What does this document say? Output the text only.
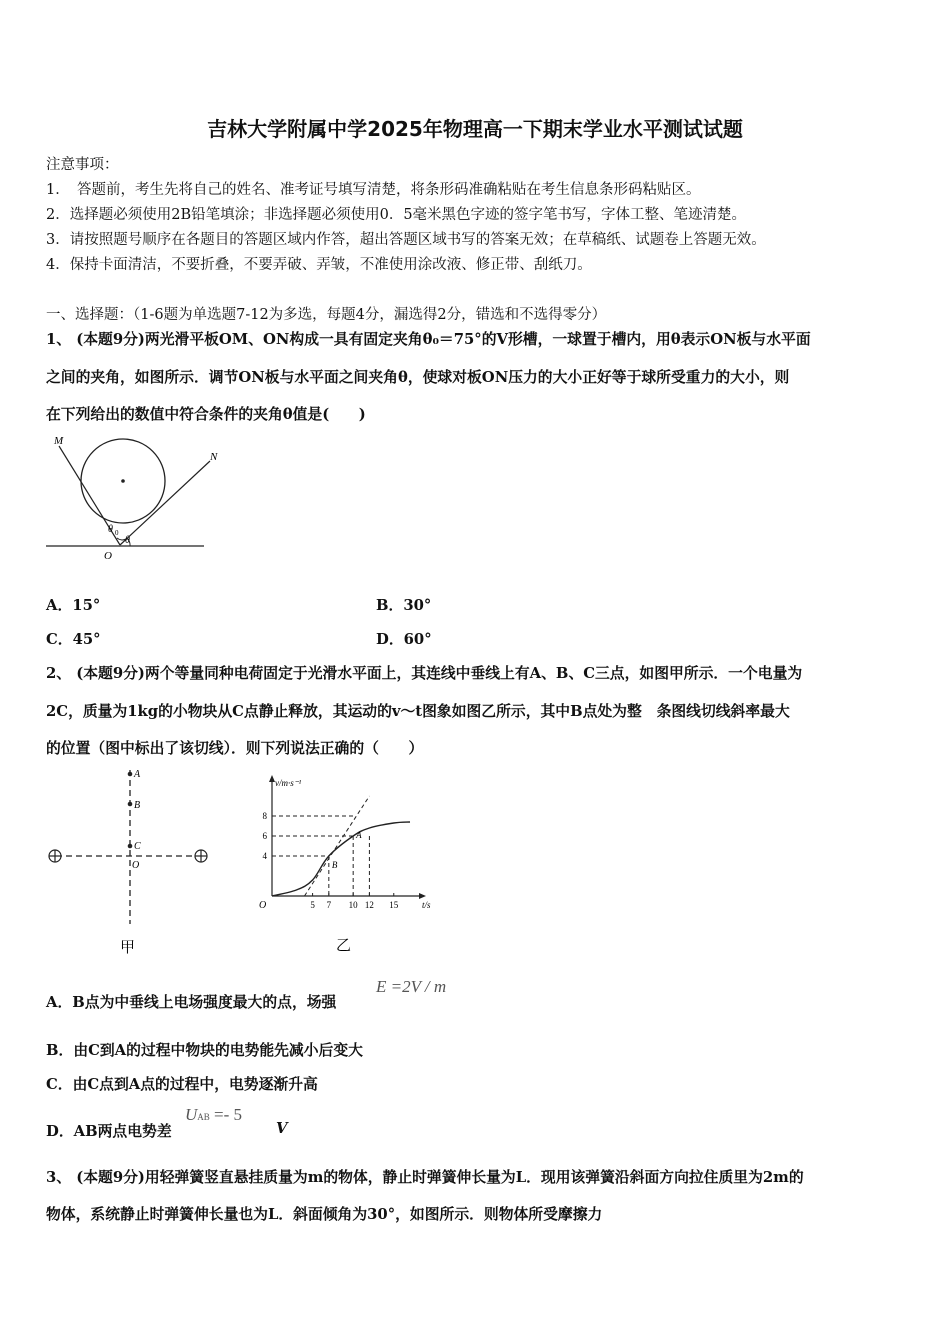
吉林大学附属中学2025年物理高一下期末学业水平测试试题
注意事项：
1．　答题前，考生先将自己的姓名、准考证号填写清楚，将条形码准确粘贴在考生信息条形码粘贴区。
2．选择题必须使用2B铅笔填涂；非选择题必须使用0．5毫米黑色字迹的签字笔书写，字体工整、笔迹清楚。
3．请按照题号顺序在各题目的答题区域内作答，超出答题区域书写的答案无效；在草稿纸、试题卷上答题无效。
4．保持卡面清洁，不要折叠，不要弄破、弄皱，不准使用涂改液、修正带、刮纸刀。
一、选择题：（1-6题为单选题7-12为多选，每题4分，漏选得2分，错选和不选得零分）
1、 (本题9分)两光滑平板OM、ON构成一具有固定夹角θ₀＝75°的V形槽，一球置于槽内，用θ表示ON板与水平面
之间的夹角，如图所示．调节ON板与水平面之间夹角θ，使球对板ON压力的大小正好等于球所受重力的大小，则
在下列给出的数值中符合条件的夹角θ值是(　　)
M
N
O
θ 0
θ
A．15°	B．30°
C．45°	D．60°
2、 (本题9分)两个等量同种电荷固定于光滑水平面上，其连线中垂线上有A、B、C三点，如图甲所示．一个电量为
2C，质量为1kg的小物块从C点静止释放，其运动的v～t图象如图乙所示，其中B点处为整　条图线切线斜率最大
的位置（图中标出了该切线）．则下列说法正确的（　　）
A
B
C
O
甲
5 7 10 12 15
4
6
8
B
A
v/m·s⁻¹
t/s
O
乙
A．B点为中垂线上电场强度最大的点，场强
E =2V / m
B．由C到A的过程中物块的电势能先减小后变大
C．由C点到A点的过程中，电势逐渐升高
D．AB两点电势差
UAB =- 5
V
3、 (本题9分)用轻弹簧竖直悬挂质量为m的物体，静止时弹簧伸长量为L．现用该弹簧沿斜面方向拉住质里为2m的
物体，系统静止时弹簧伸长量也为L．斜面倾角为30°，如图所示．则物体所受摩擦力
